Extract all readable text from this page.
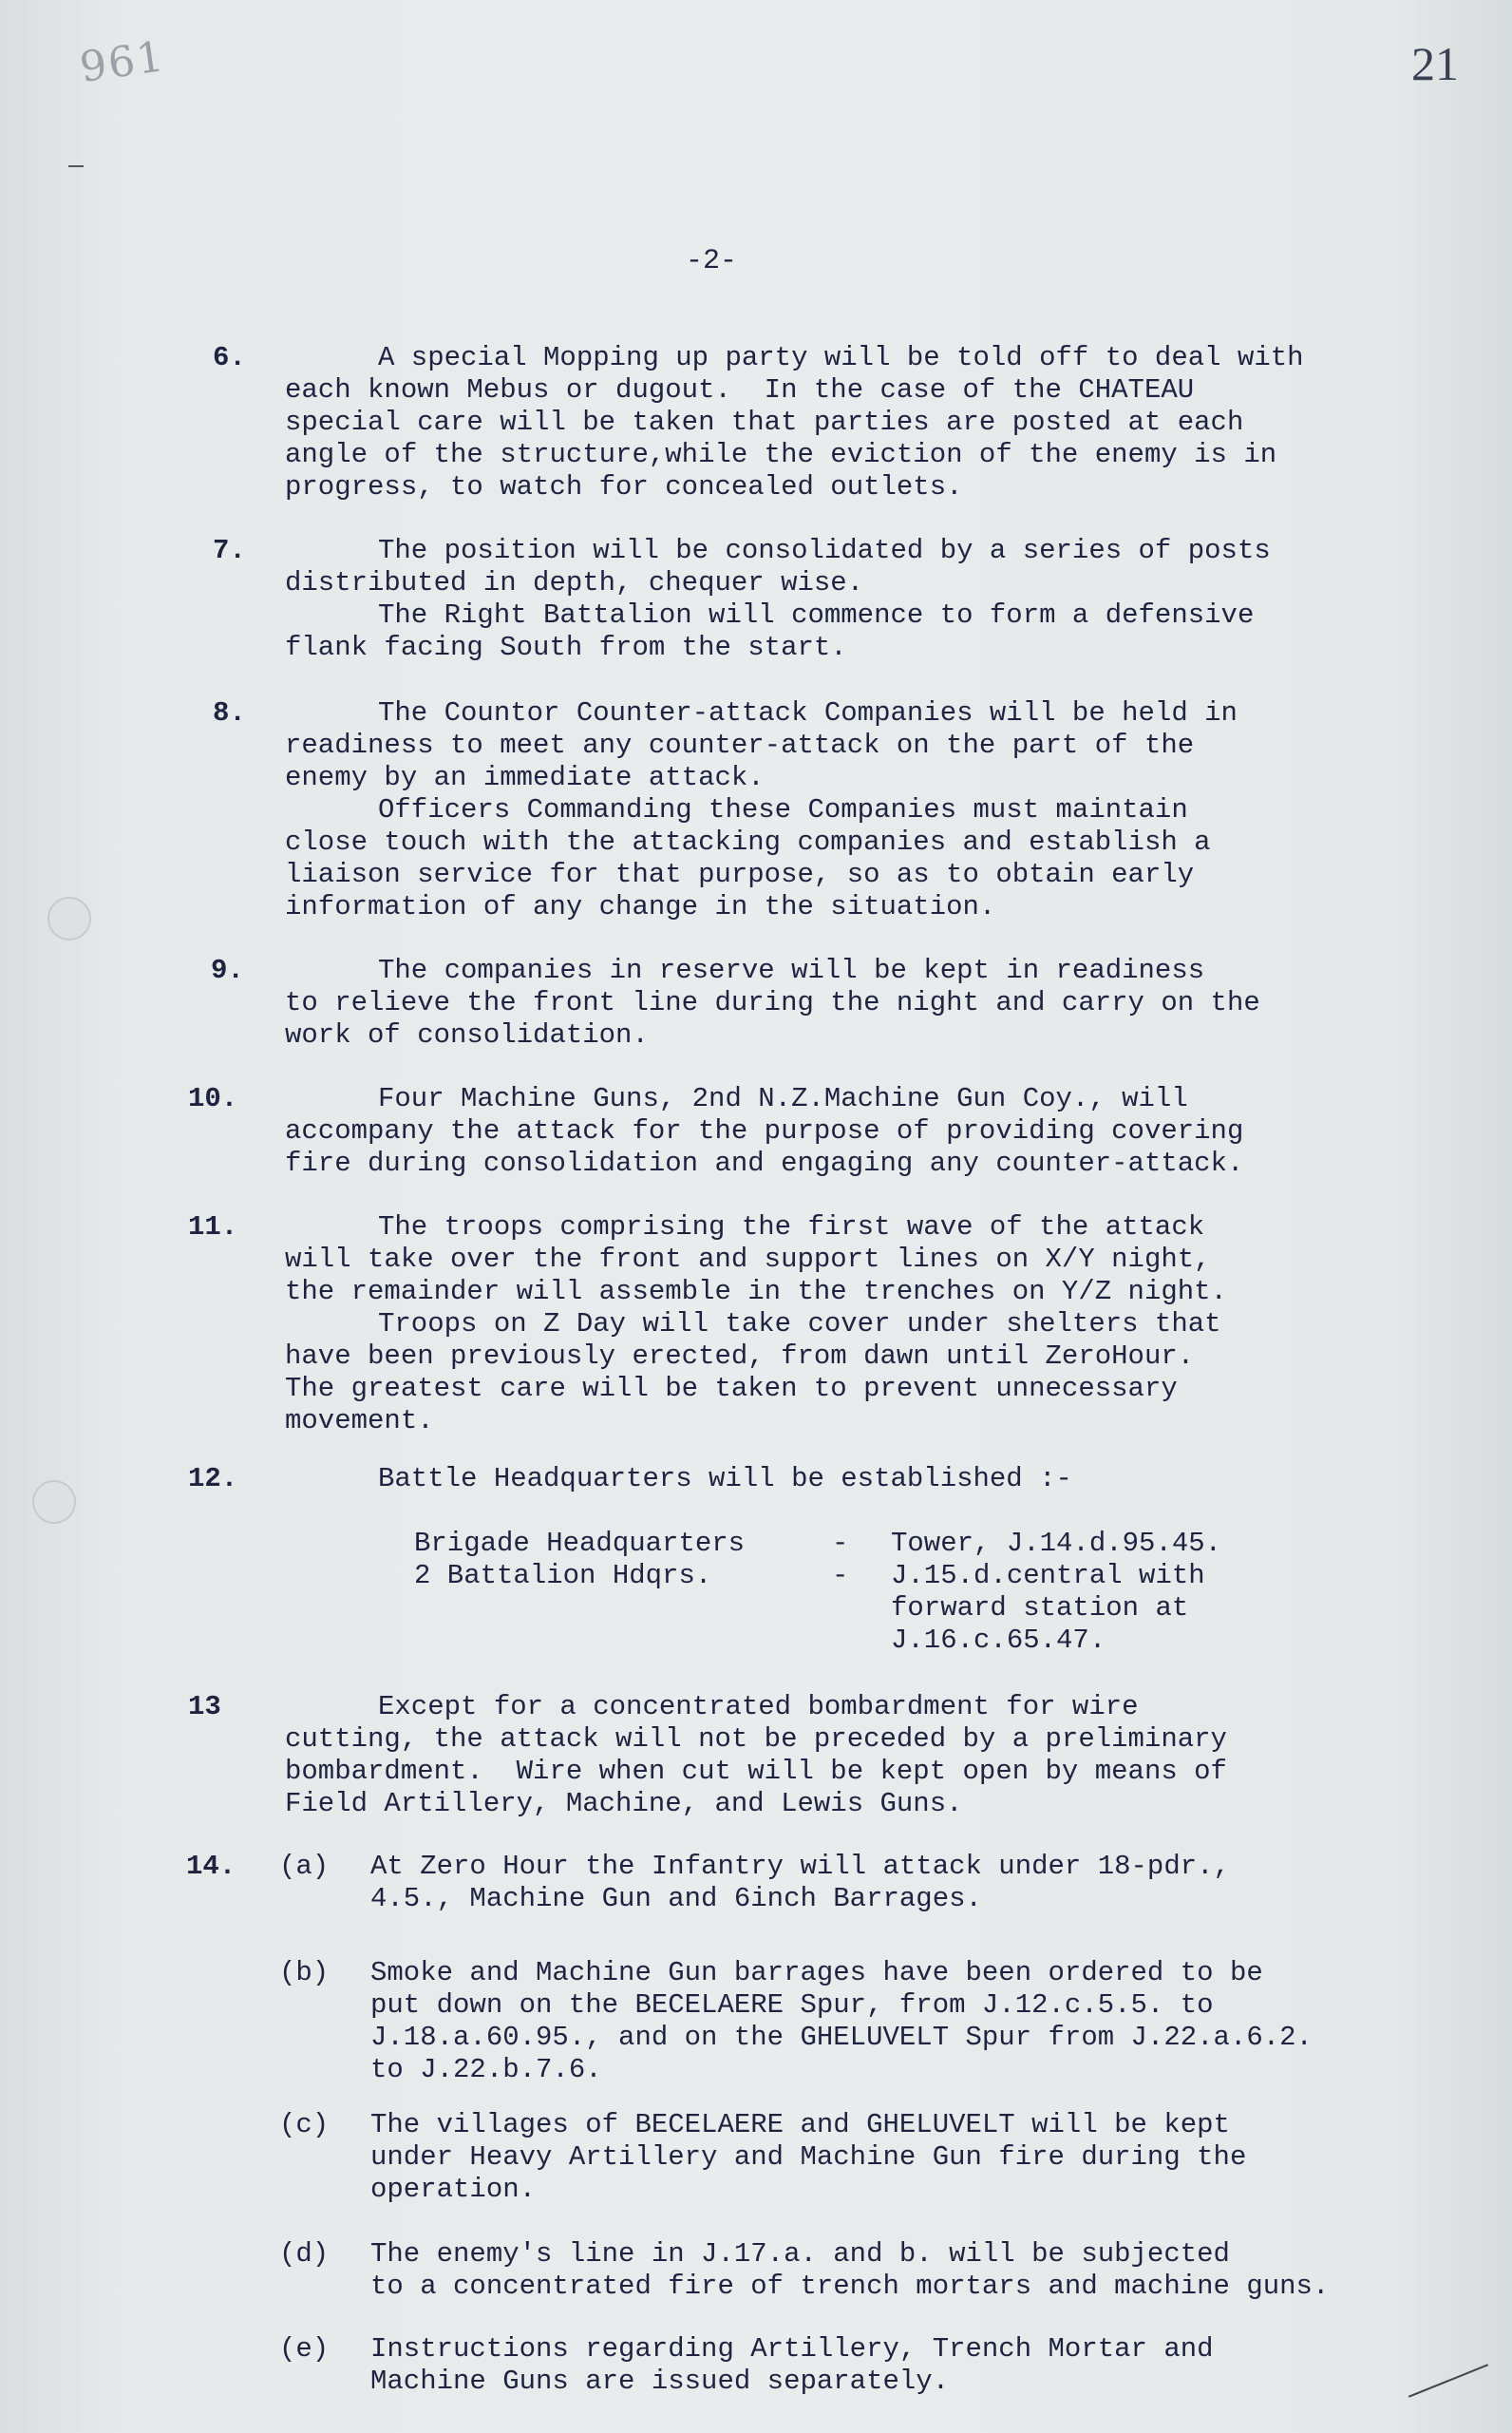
961	21
-2-
6.	A special Mopping up party will be told off to deal with
each known Mebus or dugout.  In the case of the CHATEAU
special care will be taken that parties are posted at each
angle of the structure,while the eviction of the enemy is in
progress, to watch for concealed outlets.
7.	The position will be consolidated by a series of posts
distributed in depth, chequer wise.
The Right Battalion will commence to form a defensive
flank facing South from the start.
8.	The Countor Counter-attack Companies will be held in
readiness to meet any counter-attack on the part of the
enemy by an immediate attack.
Officers Commanding these Companies must maintain
close touch with the attacking companies and establish a
liaison service for that purpose, so as to obtain early
information of any change in the situation.
9.	The companies in reserve will be kept in readiness
to relieve the front line during the night and carry on the
work of consolidation.
10.	Four Machine Guns, 2nd N.Z.Machine Gun Coy., will
accompany the attack for the purpose of providing covering
fire during consolidation and engaging any counter-attack.
11.	The troops comprising the first wave of the attack
will take over the front and support lines on X/Y night,
the remainder will assemble in the trenches on Y/Z night.
Troops on Z Day will take cover under shelters that
have been previously erected, from dawn until ZeroHour.
The greatest care will be taken to prevent unnecessary
movement.
12.	Battle Headquarters will be established :-
13	Except for a concentrated bombardment for wire
cutting, the attack will not be preceded by a preliminary
bombardment.  Wire when cut will be kept open by means of
Field Artillery, Machine, and Lewis Guns.
Brigade Headquarters	- Tower, J.14.d.95.45.
2 Battalion Hdqrs.	- J.15.d.central with
forward station at
J.16.c.65.47.
14. (a) At Zero Hour the Infantry will attack under 18-pdr.,
4.5., Machine Gun and 6inch Barrages.
(b) Smoke and Machine Gun barrages have been ordered to be
put down on the BECELAERE Spur, from J.12.c.5.5. to
J.18.a.60.95., and on the GHELUVELT Spur from J.22.a.6.2.
to J.22.b.7.6.
(c) The villages of BECELAERE and GHELUVELT will be kept
under Heavy Artillery and Machine Gun fire during the
operation.
(d) The enemy's line in J.17.a. and b. will be subjected
to a concentrated fire of trench mortars and machine guns.
(e) Instructions regarding Artillery, Trench Mortar and
Machine Guns are issued separately.
